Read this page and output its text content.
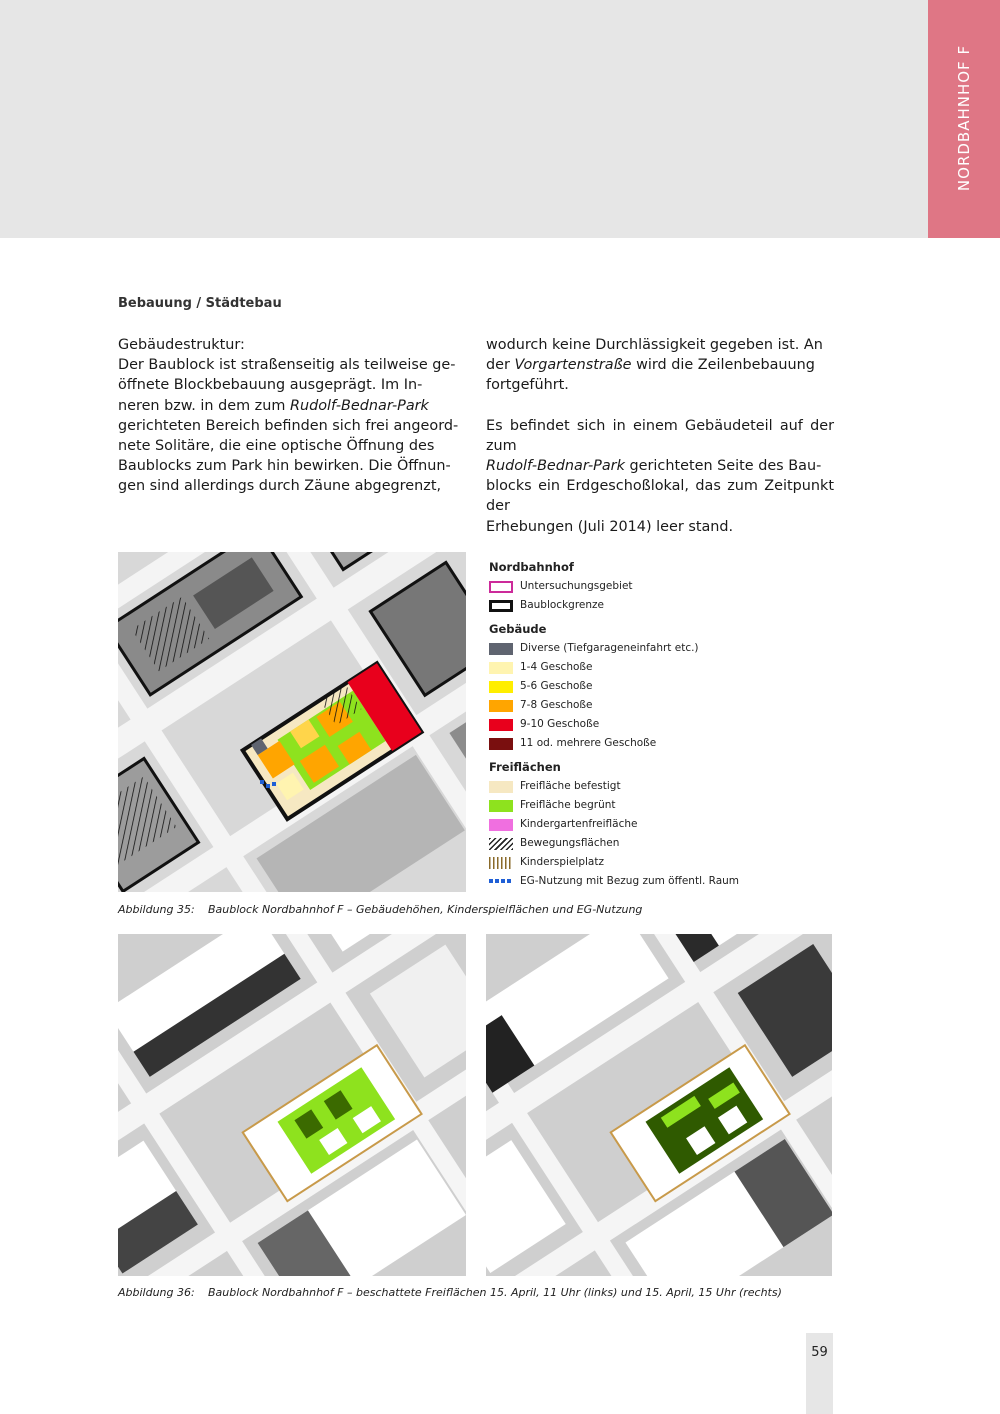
NORDBAHNHOF F
Bebauung / Städtebau
Gebäudestruktur:
Der Baublock ist straßenseitig als teilweise ge-
öffnete Blockbebauung ausgeprägt. Im In-
neren bzw. in dem zum Rudolf-Bednar-Park
gerichteten Bereich befinden sich frei angeord-
nete Solitäre, die eine optische Öffnung des
Baublocks zum Park hin bewirken. Die Öffnun-
gen sind allerdings durch Zäune abgegrenzt,

wodurch keine Durchlässigkeit gegeben ist. An
der Vorgartenstraße wird die Zeilenbebauung
fortgeführt.

Es befindet sich in einem Gebäudeteil auf der zum
Rudolf-Bednar-Park gerichteten Seite des Bau-
blocks ein Erdgeschoßlokal, das zum Zeitpunkt der
Erhebungen (Juli 2014) leer stand.

Nordbahnhof
Untersuchungsgebiet
Baublockgrenze
Gebäude
Diverse (Tiefgarageneinfahrt etc.)
1-4 Geschoße
5-6 Geschoße
7-8 Geschoße
9-10 Geschoße
11 od. mehrere Geschoße
Freiflächen
Freifläche befestigt
Freifläche begrünt
Kindergartenfreifläche
Bewegungsflächen
Kinderspielplatz
EG-Nutzung mit Bezug zum öffentl. Raum
Abbildung 35: Baublock Nordbahnhof F – Gebäudehöhen, Kinderspielflächen und EG-Nutzung
Abbildung 36: Baublock Nordbahnhof F – beschattete Freiflächen 15. April, 11 Uhr (links) und 15. April, 15 Uhr (rechts)
59
